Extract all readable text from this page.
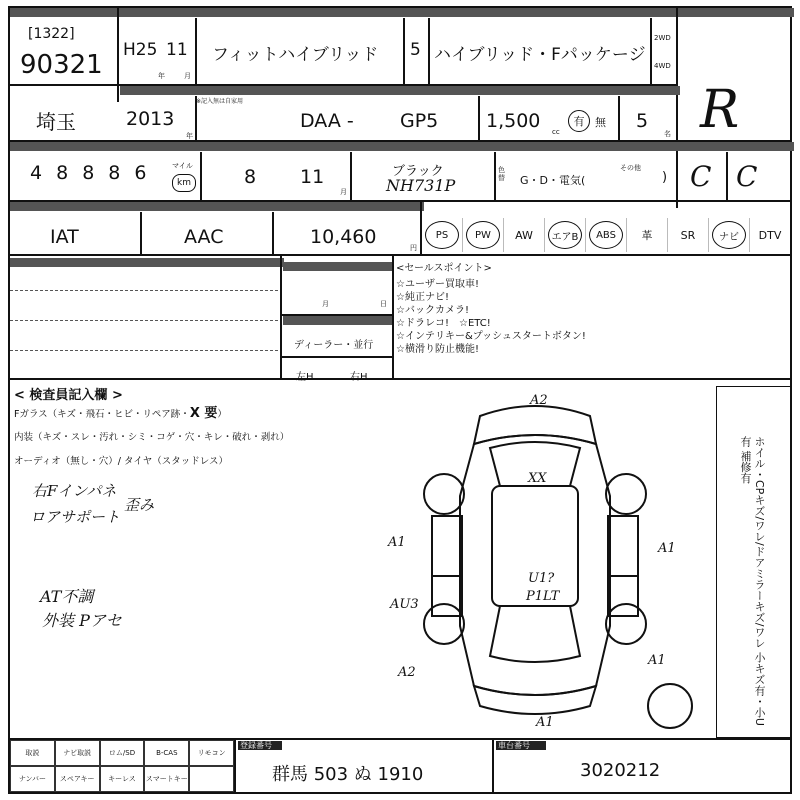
[1322]
90321 H25
年
11
月
フィットハイブリッド 5 ハイブリッド・Fパッケージ
2WD
4WD
埼玉
※記入無は自家用
2013
年
DAA - GP5	1,500 cc
有 無 5
名 R
4 8 8 8 6	マイル
km	8 11
月
ブラック
NH731P
色替 G・D・電気(
その他
) C C
IAT	AAC	10,460	円
PS	PW	AW	エアB	ABS	革	SR	ナビ	DTV
月	日
ディーラー・並行
左H	右H
<セールスポイント>
☆ユーザー買取車!
☆純正ナビ!
☆バックカメラ!
☆ドラレコ!　☆ETC!
☆インテリキー&プッシュスタートボタン!
☆横滑り防止機能!
< 検査員記入欄 >
Fガラス（キズ・飛石・ヒビ・リペア跡・X 要）
内装（キズ・スレ・汚れ・シミ・コゲ・穴・キレ・破れ・剥れ）
オーディオ（無し・穴）/ タイヤ（スタッドレス）
右Fインパネ
ロアサポート
歪み
AT不調
外装 Pアセ
A2
XX
A1	A1
AU3
U1?
P1LT
A2
A1
A1	ホイル・CPキズ/ワレ/ドアミラーキズ/ワレ 小キズ有・小U有 補修有
取説	ナビ取説	ロム/SD	B-CAS	リモコン
ナンバー	スペアキー	キーレス	スマートキー
登録番号
群馬 503 ぬ 1910
車台番号
3020212
